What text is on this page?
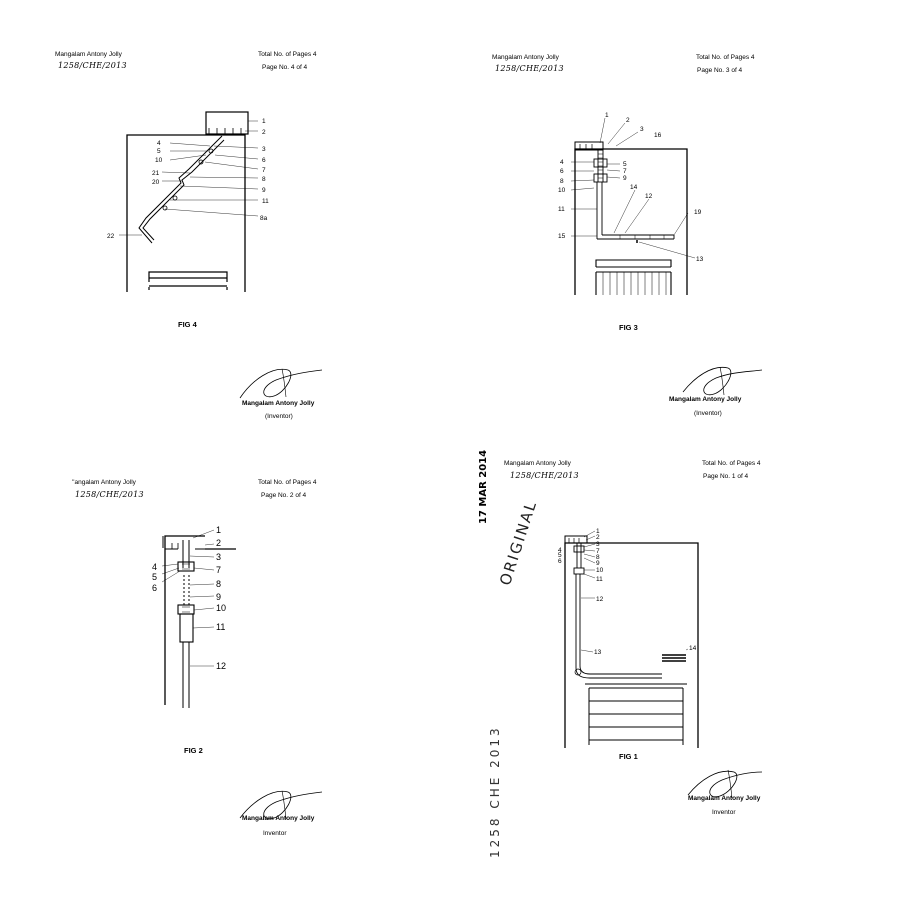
Mangalam Antony Jolly
1258/CHE/2013
Total No. of Pages 4
Page No. 4 of 4
1
2
4
3
5
10	6
7
21
8
20
9
11
8a
22
FIG 4
Mangalam Antony Jolly
(Inventor)
Mangalam Antony Jolly
1258/CHE/2013
Total No. of Pages 4
Page No. 3 of 4
1
2
3
16
4	5
6	7
8	9
10
11
12
14
15
19
13
FIG 3
Mangalam Antony Jolly
(Inventor)
''angalam Antony Jolly
1258/CHE/2013
Total No. of Pages 4
Page No. 2 of 4
1
2
3
4	7
5
8
6
9
10
11
12
FIG 2
Mangalam Antony Jolly
Inventor
Mangalam Antony Jolly
1258/CHE/2013
Total No. of Pages 4
Page No. 1 of 4
17 MAR 2014
ORIGINAL
1258 CHE 2013
1
2
3
4	7
5	8
6	9
10
11
12
13
14
FIG 1
Mangalam Antony Jolly
Inventor
